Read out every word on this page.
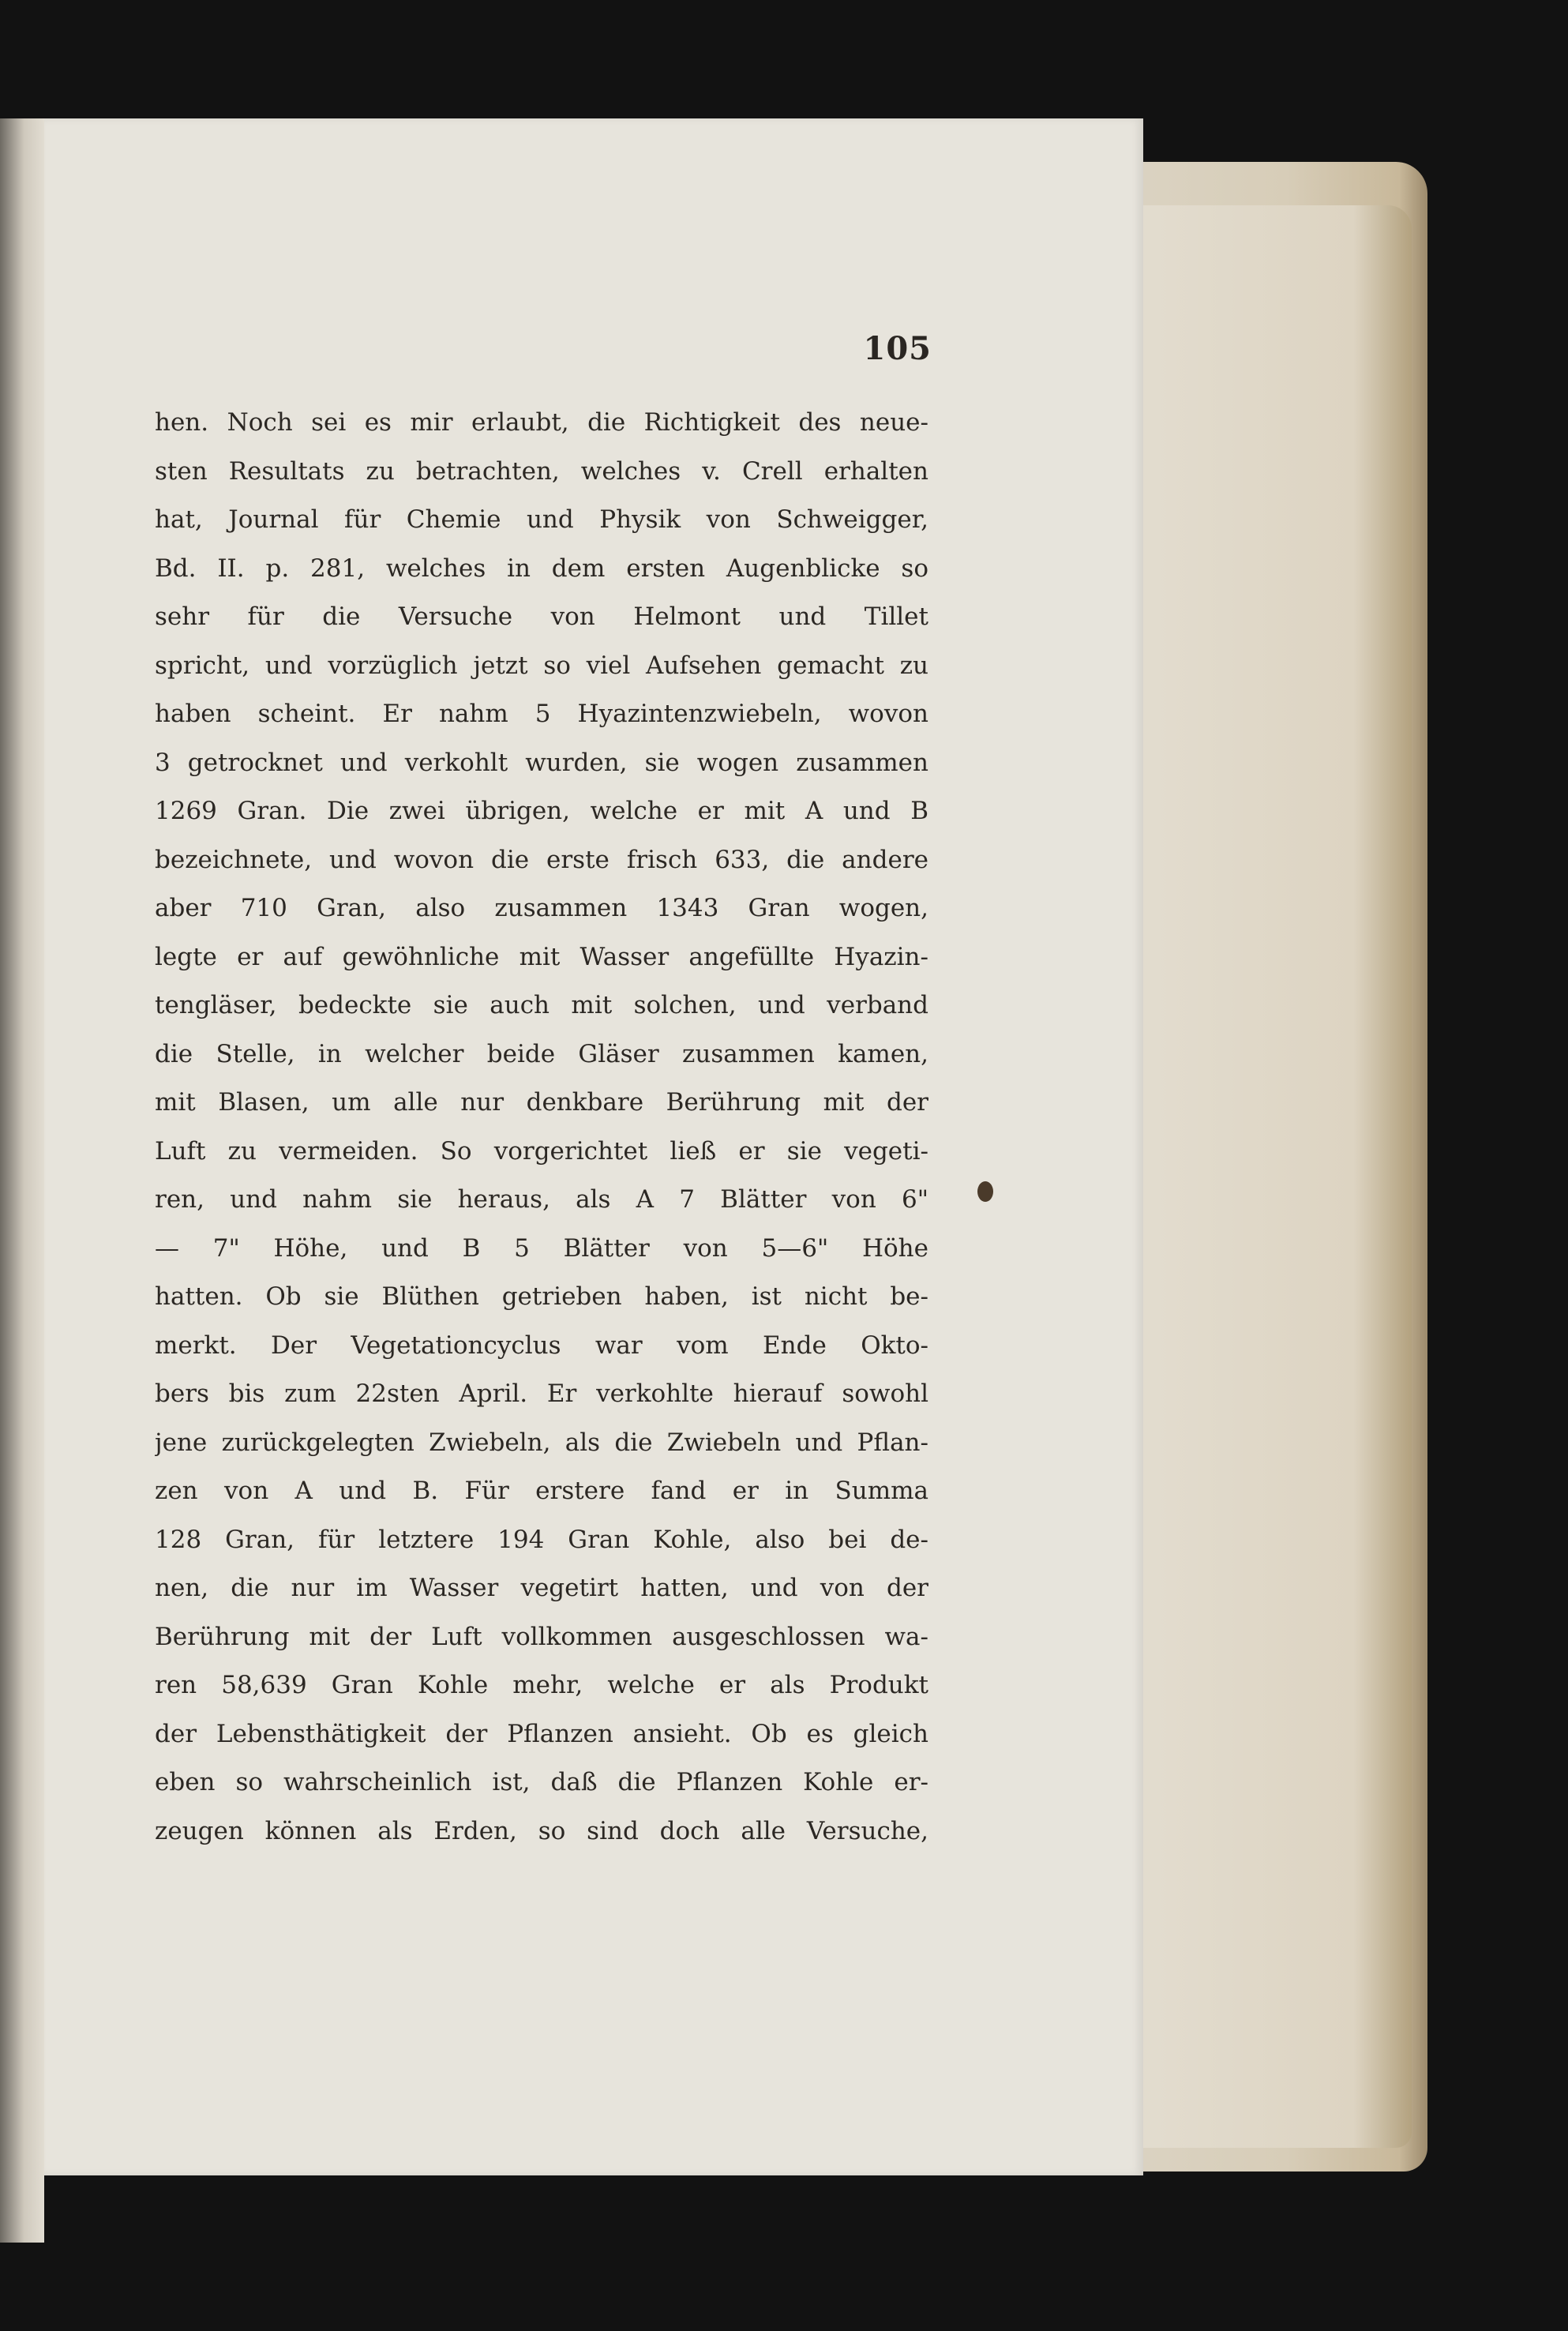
105
hen. Noch sei es mir erlaubt, die Richtigkeit des neue-
sten Resultats zu betrachten, welches v. Crell erhalten
hat, Journal für Chemie und Physik von Schweigger,
Bd. II. p. 281, welches in dem ersten Augenblicke so
sehr für die Versuche von Helmont und Tillet
spricht, und vorzüglich jetzt so viel Aufsehen gemacht zu
haben scheint. Er nahm 5 Hyazintenzwiebeln, wovon
3 getrocknet und verkohlt wurden, sie wogen zusammen
1269 Gran. Die zwei übrigen, welche er mit A und B
bezeichnete, und wovon die erste frisch 633, die andere
aber 710 Gran, also zusammen 1343 Gran wogen,
legte er auf gewöhnliche mit Wasser angefüllte Hyazin-
tengläser, bedeckte sie auch mit solchen, und verband
die Stelle, in welcher beide Gläser zusammen kamen,
mit Blasen, um alle nur denkbare Berührung mit der
Luft zu vermeiden. So vorgerichtet ließ er sie vegeti-
ren, und nahm sie heraus, als A 7 Blätter von 6"
— 7" Höhe, und B 5 Blätter von 5—6" Höhe
hatten. Ob sie Blüthen getrieben haben, ist nicht be-
merkt. Der Vegetationcyclus war vom Ende Okto-
bers bis zum 22sten April. Er verkohlte hierauf sowohl
jene zurückgelegten Zwiebeln, als die Zwiebeln und Pflan-
zen von A und B. Für erstere fand er in Summa
128 Gran, für letztere 194 Gran Kohle, also bei de-
nen, die nur im Wasser vegetirt hatten, und von der
Berührung mit der Luft vollkommen ausgeschlossen wa-
ren 58,639 Gran Kohle mehr, welche er als Produkt
der Lebensthätigkeit der Pflanzen ansieht. Ob es gleich
eben so wahrscheinlich ist, daß die Pflanzen Kohle er-
zeugen können als Erden, so sind doch alle Versuche,
